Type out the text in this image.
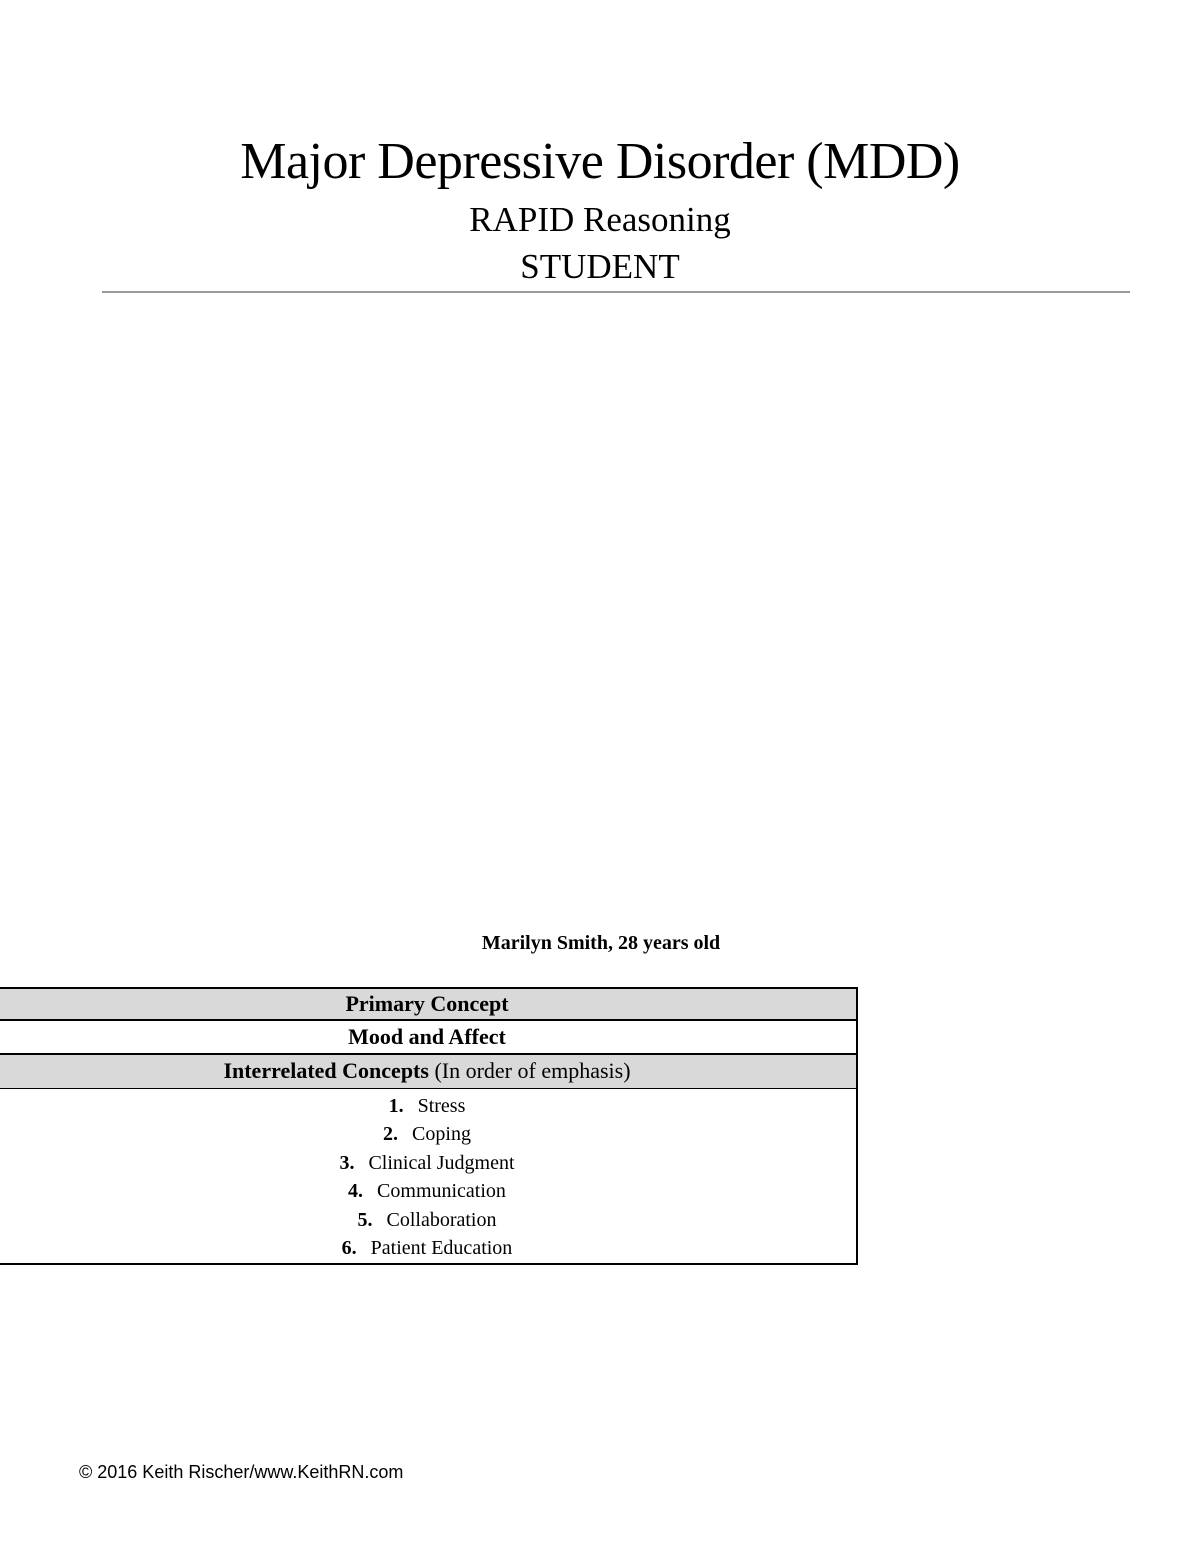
Major Depressive Disorder (MDD)
RAPID Reasoning
STUDENT
Marilyn Smith, 28 years old
Primary Concept
Mood and Affect
Interrelated Concepts (In order of emphasis)
1. Stress
2. Coping
3. Clinical Judgment
4. Communication
5. Collaboration
6. Patient Education
© 2016 Keith Rischer/www.KeithRN.com
